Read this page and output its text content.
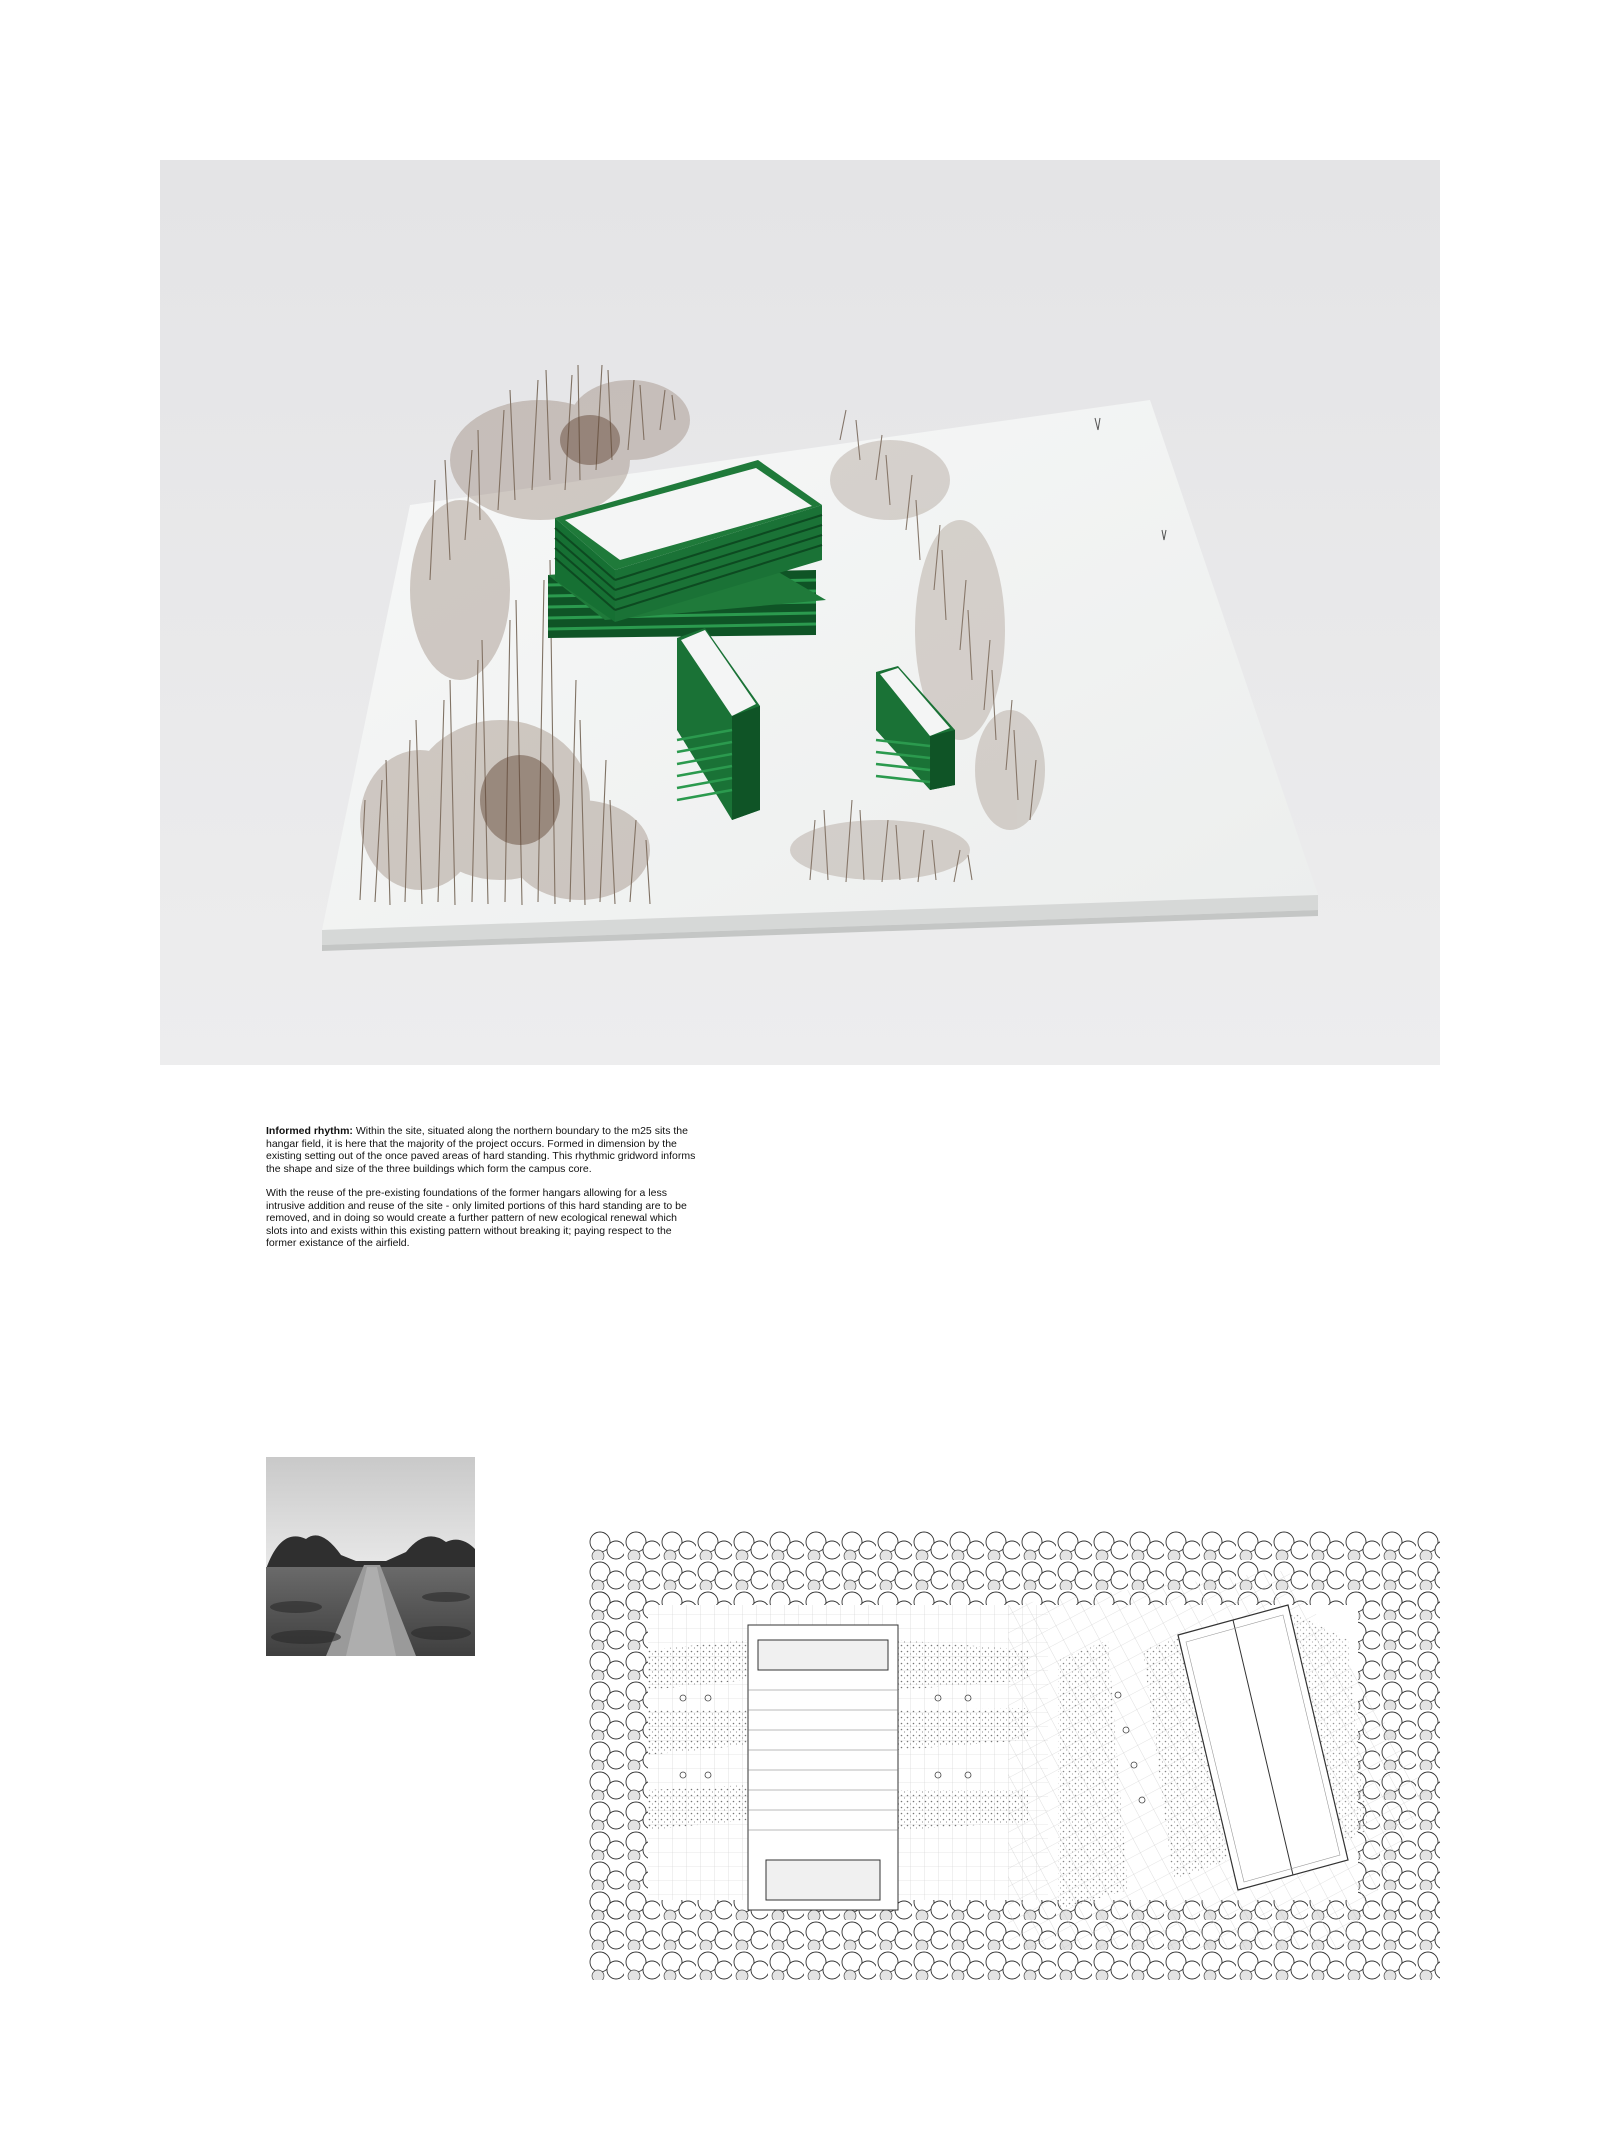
Informed rhythm: Within the site, situated along the northern boundary to the m25 sits the hangar field, it is here that the majority of the project occurs. Formed in dimension by the existing setting out of the once paved areas of hard standing. This rhythmic gridword informs the shape and size of the three buildings which form the campus core.

With the reuse of the pre-existing foundations of the former hangars allowing for a less intrusive addition and reuse of the site - only limited portions of this hard standing are to be removed, and in doing so would create a further pattern of new ecological renewal which slots into and exists within this existing pattern without breaking it; paying respect to the former existance of the airfield.
